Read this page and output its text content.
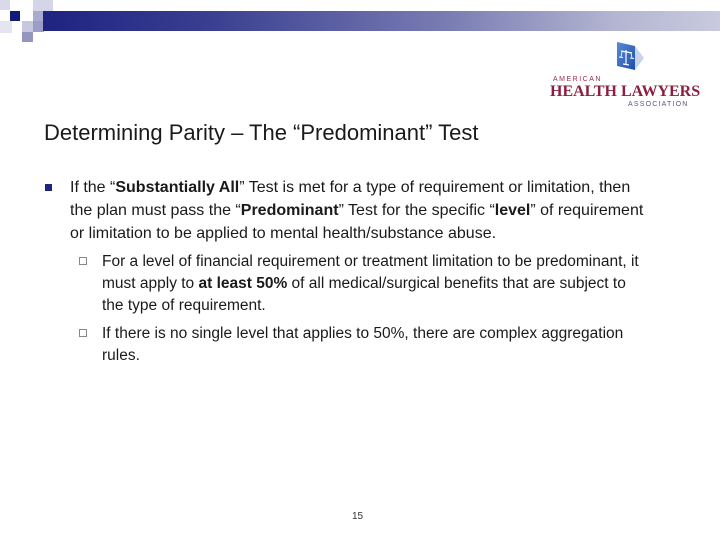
AMERICAN
HEALTH LAWYERS
ASSOCIATION
Determining Parity – The “Predominant” Test
If the “Substantially All” Test is met for a type of requirement or limitation, then the plan must pass the “Predominant” Test for the specific “level” of requirement or limitation to be applied to mental health/substance abuse.
For a level of financial requirement or treatment limitation to be predominant, it must apply to at least 50% of all medical/surgical benefits that are subject to the type of requirement.
If there is no single level that applies to 50%, there are complex aggregation rules.
15
